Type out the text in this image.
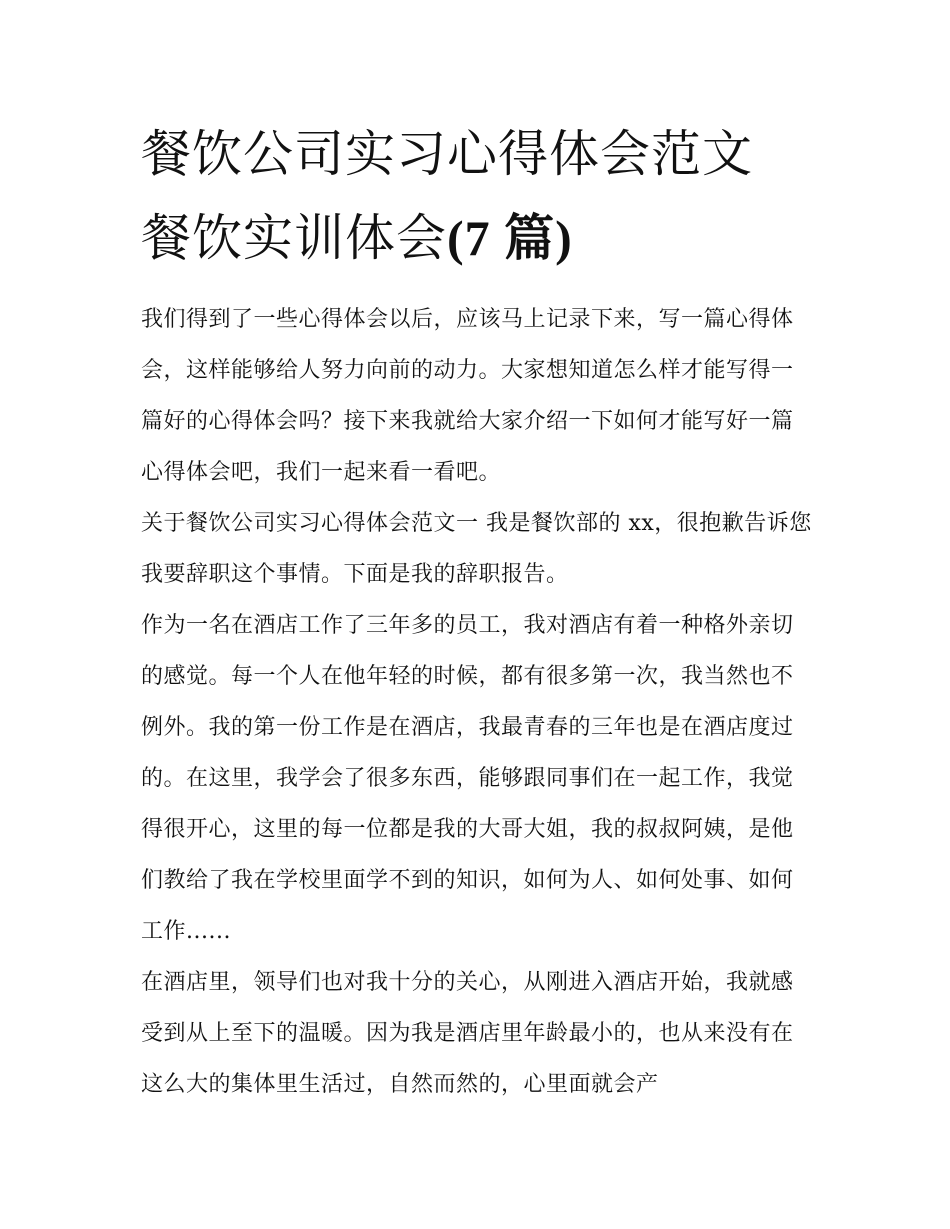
餐饮公司实习心得体会范文 餐饮实训体会(7 篇)

我们得到了一些心得体会以后，应该马上记录下来，写一篇心得体会，这样能够给人努力向前的动力。大家想知道怎么样才能写得一篇好的心得体会吗？接下来我就给大家介绍一下如何才能写好一篇心得体会吧，我们一起来看一看吧。

关于餐饮公司实习心得体会范文一 我是餐饮部的 xx，很抱歉告诉您我要辞职这个事情。下面是我的辞职报告。

作为一名在酒店工作了三年多的员工，我对酒店有着一种格外亲切的感觉。每一个人在他年轻的时候，都有很多第一次，我当然也不例外。我的第一份工作是在酒店，我最青春的三年也是在酒店度过的。在这里，我学会了很多东西，能够跟同事们在一起工作，我觉得很开心，这里的每一位都是我的大哥大姐，我的叔叔阿姨，是他们教给了我在学校里面学不到的知识，如何为人、如何处事、如何工作......

在酒店里，领导们也对我十分的关心，从刚进入酒店开始，我就感受到从上至下的温暖。因为我是酒店里年龄最小的，也从来没有在这么大的集体里生活过，自然而然的，心里面就会产
